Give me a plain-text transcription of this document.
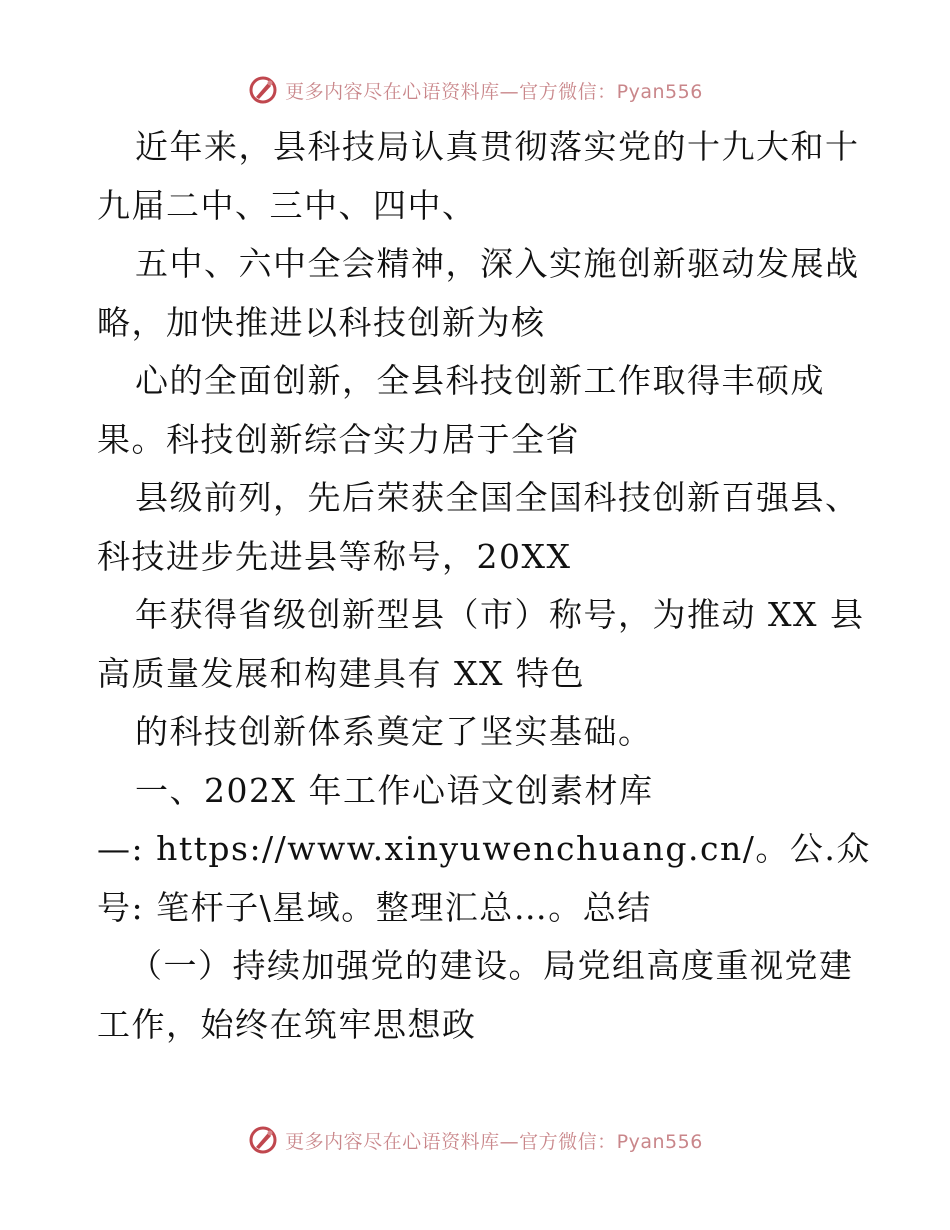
更多内容尽在心语资料库—官方微信：Pyan556
近年来，县科技局认真贯彻落实党的十九大和十
九届二中、三中、四中、
五中、六中全会精神，深入实施创新驱动发展战
略，加快推进以科技创新为核
心的全面创新，全县科技创新工作取得丰硕成
果。科技创新综合实力居于全省
县级前列，先后荣获全国全国科技创新百强县、
科技进步先进县等称号，20XX
年获得省级创新型县（市）称号，为推动 XX 县
高质量发展和构建具有 XX 特色
的科技创新体系奠定了坚实基础。
一、202X 年工作心语文创素材库
—: https://www.xinyuwenchuang.cn/。公.众
号: 笔杆子\星域。整理汇总…。总结
（一）持续加强党的建设。局党组高度重视党建
工作，始终在筑牢思想政
更多内容尽在心语资料库—官方微信：Pyan556
